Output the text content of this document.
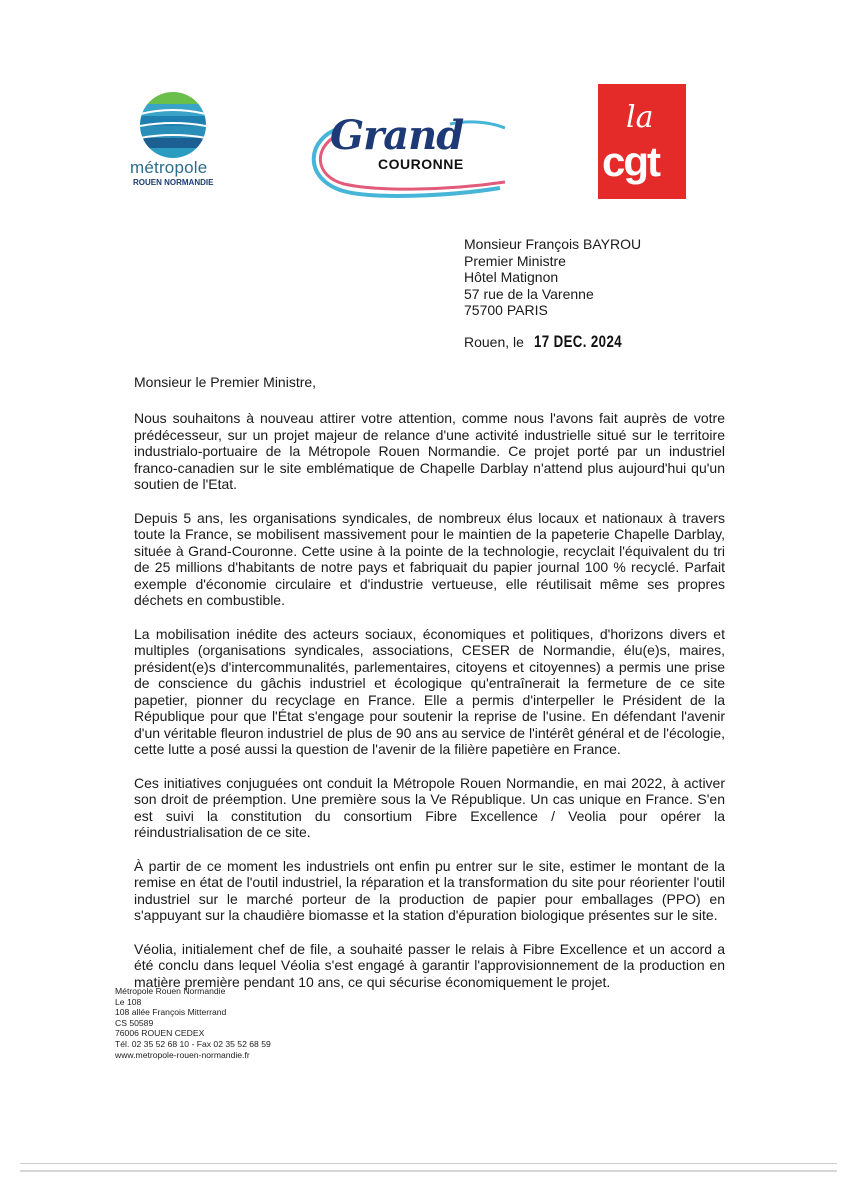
métropole
ROUEN NORMANDIE
Grand
COURONNE
la
cgt
Monsieur François BAYROU
Premier Ministre
Hôtel Matignon
57 rue de la Varenne
75700 PARIS
Rouen, le 17 DEC. 2024
Monsieur le Premier Ministre,

Nous souhaitons à nouveau attirer votre attention, comme nous l'avons fait auprès de votre prédécesseur, sur un projet majeur de relance d'une activité industrielle situé sur le territoire industrialo-portuaire de la Métropole Rouen Normandie. Ce projet porté par un industriel franco-canadien sur le site emblématique de Chapelle Darblay n'attend plus aujourd'hui qu'un soutien de l'Etat.

Depuis 5 ans, les organisations syndicales, de nombreux élus locaux et nationaux à travers toute la France, se mobilisent massivement pour le maintien de la papeterie Chapelle Darblay, située à Grand-Couronne. Cette usine à la pointe de la technologie, recyclait l'équivalent du tri de 25 millions d'habitants de notre pays et fabriquait du papier journal 100 % recyclé. Parfait exemple d'économie circulaire et d'industrie vertueuse, elle réutilisait même ses propres déchets en combustible.

La mobilisation inédite des acteurs sociaux, économiques et politiques, d'horizons divers et multiples (organisations syndicales, associations, CESER de Normandie, élu(e)s, maires, président(e)s d'intercommunalités, parlementaires, citoyens et citoyennes) a permis une prise de conscience du gâchis industriel et écologique qu'entraînerait la fermeture de ce site papetier, pionner du recyclage en France. Elle a permis d'interpeller le Président de la République pour que l'État s'engage pour soutenir la reprise de l'usine. En défendant l'avenir d'un véritable fleuron industriel de plus de 90 ans au service de l'intérêt général et de l'écologie, cette lutte a posé aussi la question de l'avenir de la filière papetière en France.

Ces initiatives conjuguées ont conduit la Métropole Rouen Normandie, en mai 2022, à activer son droit de préemption. Une première sous la Ve République. Un cas unique en France. S'en est suivi la constitution du consortium Fibre Excellence / Veolia pour opérer la réindustrialisation de ce site.

À partir de ce moment les industriels ont enfin pu entrer sur le site, estimer le montant de la remise en état de l'outil industriel, la réparation et la transformation du site pour réorienter l'outil industriel sur le marché porteur de la production de papier pour emballages (PPO) en s'appuyant sur la chaudière biomasse et la station d'épuration biologique présentes sur le site.

Véolia, initialement chef de file, a souhaité passer le relais à Fibre Excellence et un accord a été conclu dans lequel Véolia s'est engagé à garantir l'approvisionnement de la production en matière première pendant 10 ans, ce qui sécurise économiquement le projet.

Métropole Rouen Normandie
Le 108
108 allée François Mitterrand
CS 50589
76006 ROUEN CEDEX
Tél. 02 35 52 68 10 - Fax 02 35 52 68 59
www.metropole-rouen-normandie.fr
